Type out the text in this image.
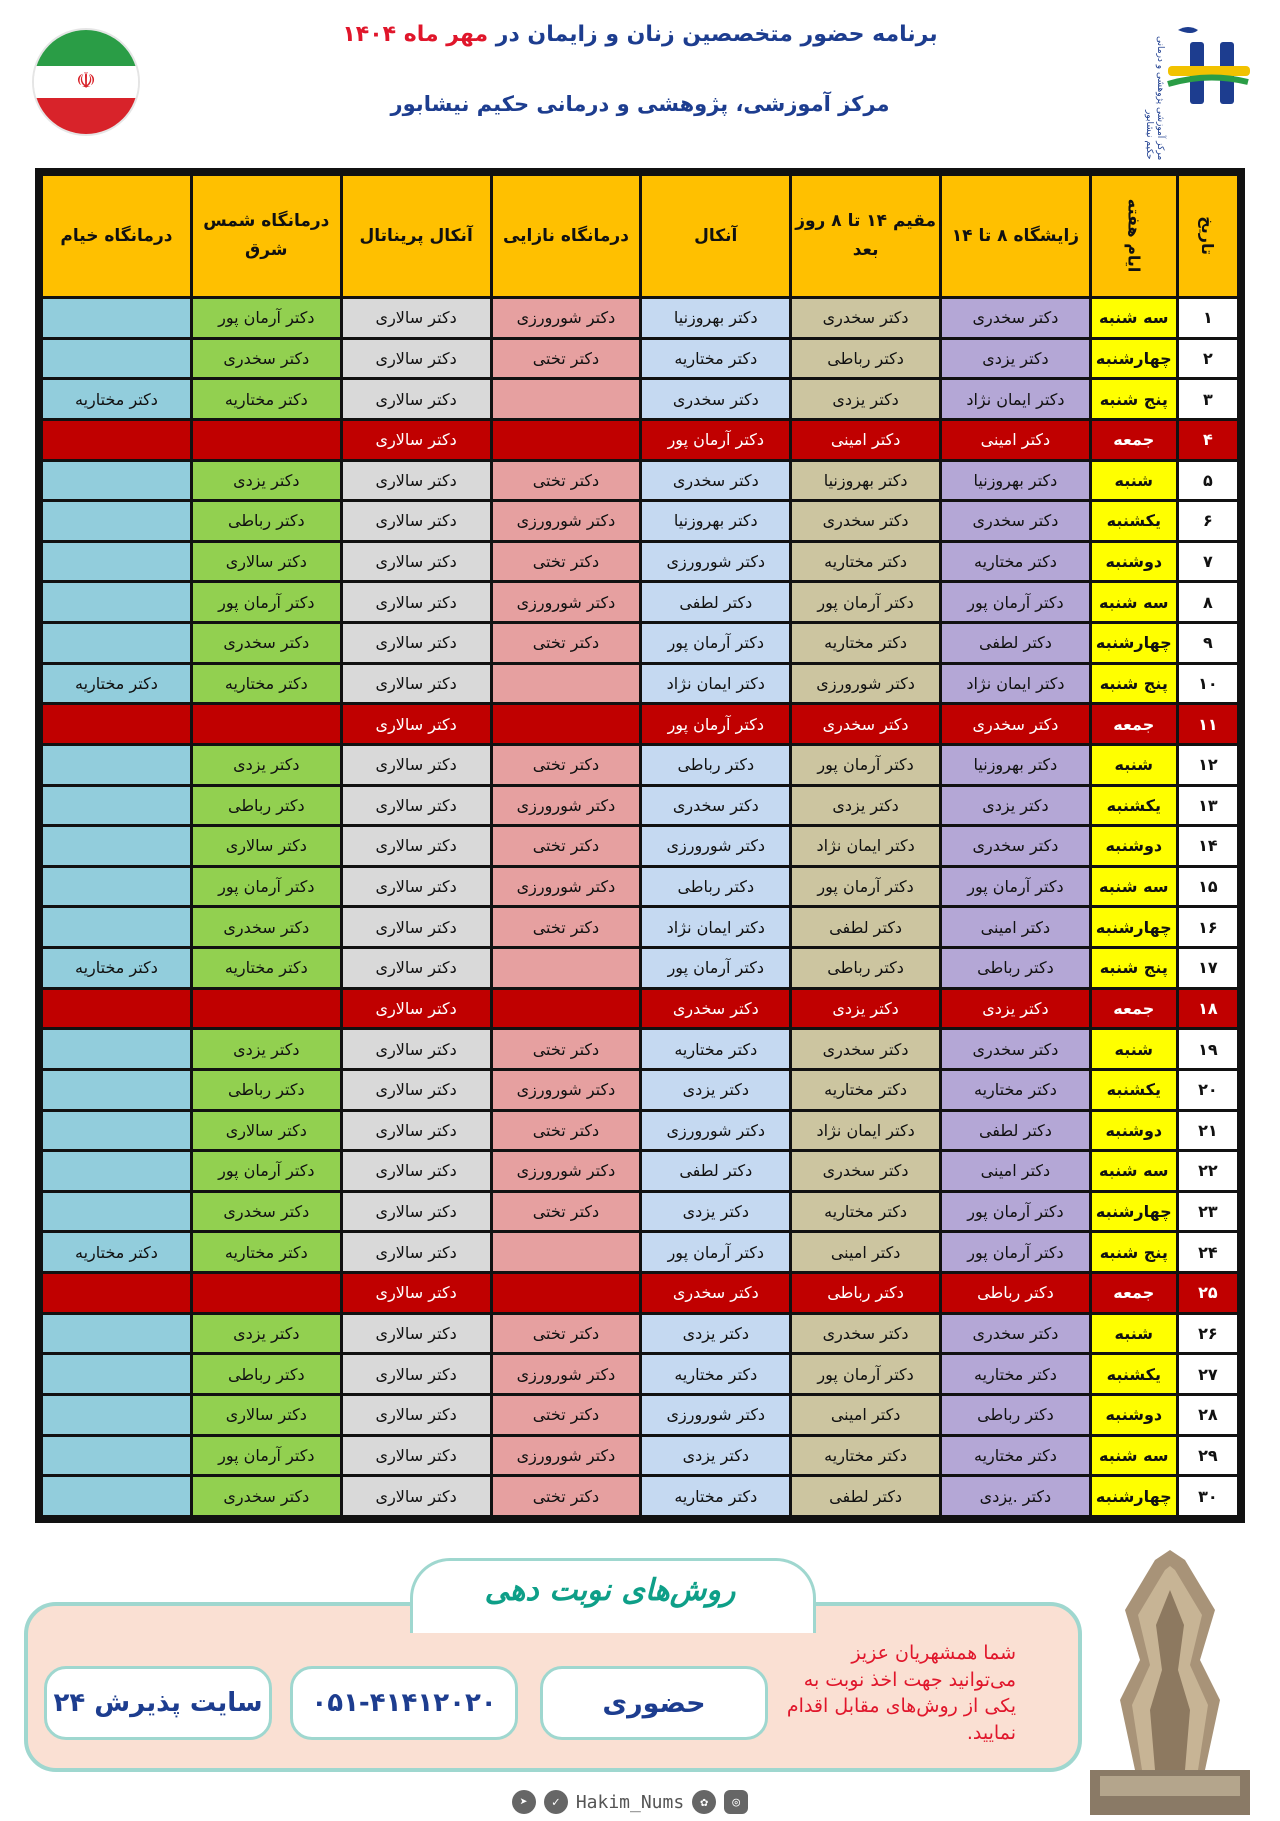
☫
برنامه حضور متخصصین زنان و زایمان در مهر ماه ۱۴۰۴
مرکز آموزشی، پژوهشی و درمانی حکیم نیشابور	مرکز آموزشی پژوهشی و درمانی حکیم نیشابور
تاریخ	ایام هفته	زایشگاه ۸ تا ۱۴	مقیم ۱۴ تا ۸ روز بعد	آنکال	درمانگاه نازایی	آنکال پریناتال	درمانگاه شمس شرق	درمانگاه خیام
۱	سه شنبه	دکتر سخدری	دکتر سخدری	دکتر بهروزنیا	دکتر شورورزی	دکتر سالاری	دکتر آرمان پور	
۲	چهارشنبه	دکتر یزدی	دکتر رباطی	دکتر مختاریه	دکتر تختی	دکتر سالاری	دکتر سخدری	
۳	پنج شنبه	دکتر ایمان نژاد	دکتر یزدی	دکتر سخدری		دکتر سالاری	دکتر مختاریه	دکتر مختاریه
۴	جمعه	دکتر امینی	دکتر امینی	دکتر آرمان پور		دکتر سالاری		
۵	شنبه	دکتر بهروزنیا	دکتر بهروزنیا	دکتر سخدری	دکتر تختی	دکتر سالاری	دکتر یزدی	
۶	یکشنبه	دکتر سخدری	دکتر سخدری	دکتر بهروزنیا	دکتر شورورزی	دکتر سالاری	دکتر رباطی	
۷	دوشنبه	دکتر مختاریه	دکتر مختاریه	دکتر شورورزی	دکتر تختی	دکتر سالاری	دکتر سالاری	
۸	سه شنبه	دکتر آرمان پور	دکتر آرمان پور	دکتر لطفی	دکتر شورورزی	دکتر سالاری	دکتر آرمان پور	
۹	چهارشنبه	دکتر لطفی	دکتر مختاریه	دکتر آرمان پور	دکتر تختی	دکتر سالاری	دکتر سخدری	
۱۰	پنج شنبه	دکتر ایمان نژاد	دکتر شورورزی	دکتر ایمان نژاد		دکتر سالاری	دکتر مختاریه	دکتر مختاریه
۱۱	جمعه	دکتر سخدری	دکتر سخدری	دکتر آرمان پور		دکتر سالاری		
۱۲	شنبه	دکتر بهروزنیا	دکتر آرمان پور	دکتر رباطی	دکتر تختی	دکتر سالاری	دکتر یزدی	
۱۳	یکشنبه	دکتر یزدی	دکتر یزدی	دکتر سخدری	دکتر شورورزی	دکتر سالاری	دکتر رباطی	
۱۴	دوشنبه	دکتر سخدری	دکتر ایمان نژاد	دکتر شورورزی	دکتر تختی	دکتر سالاری	دکتر سالاری	
۱۵	سه شنبه	دکتر آرمان پور	دکتر آرمان پور	دکتر رباطی	دکتر شورورزی	دکتر سالاری	دکتر آرمان پور	
۱۶	چهارشنبه	دکتر امینی	دکتر لطفی	دکتر ایمان نژاد	دکتر تختی	دکتر سالاری	دکتر سخدری	
۱۷	پنج شنبه	دکتر رباطی	دکتر رباطی	دکتر آرمان پور		دکتر سالاری	دکتر مختاریه	دکتر مختاریه
۱۸	جمعه	دکتر یزدی	دکتر یزدی	دکتر سخدری		دکتر سالاری		
۱۹	شنبه	دکتر سخدری	دکتر سخدری	دکتر مختاریه	دکتر تختی	دکتر سالاری	دکتر یزدی	
۲۰	یکشنبه	دکتر مختاریه	دکتر مختاریه	دکتر یزدی	دکتر شورورزی	دکتر سالاری	دکتر رباطی	
۲۱	دوشنبه	دکتر لطفی	دکتر ایمان نژاد	دکتر شورورزی	دکتر تختی	دکتر سالاری	دکتر سالاری	
۲۲	سه شنبه	دکتر امینی	دکتر سخدری	دکتر لطفی	دکتر شورورزی	دکتر سالاری	دکتر آرمان پور	
۲۳	چهارشنبه	دکتر آرمان پور	دکتر مختاریه	دکتر یزدی	دکتر تختی	دکتر سالاری	دکتر سخدری	
۲۴	پنج شنبه	دکتر آرمان پور	دکتر امینی	دکتر آرمان پور		دکتر سالاری	دکتر مختاریه	دکتر مختاریه
۲۵	جمعه	دکتر رباطی	دکتر رباطی	دکتر سخدری		دکتر سالاری		
۲۶	شنبه	دکتر سخدری	دکتر سخدری	دکتر یزدی	دکتر تختی	دکتر سالاری	دکتر یزدی	
۲۷	یکشنبه	دکتر مختاریه	دکتر آرمان پور	دکتر مختاریه	دکتر شورورزی	دکتر سالاری	دکتر رباطی	
۲۸	دوشنبه	دکتر رباطی	دکتر امینی	دکتر شورورزی	دکتر تختی	دکتر سالاری	دکتر سالاری	
۲۹	سه شنبه	دکتر مختاریه	دکتر مختاریه	دکتر یزدی	دکتر شورورزی	دکتر سالاری	دکتر آرمان پور	
۳۰	چهارشنبه	دکتر .یزدی	دکتر لطفی	دکتر مختاریه	دکتر تختی	دکتر سالاری	دکتر سخدری	
روش‌های نوبت دهی
شما همشهریان عزیز می‌توانید جهت اخذ نوبت به یکی از روش‌های مقابل اقدام نمایید.
حضوری
۰۵۱-۴۱۴۱۲۰۲۰
سایت پذیرش ۲۴
➤	✓ Hakim_Nums	✿	◎
